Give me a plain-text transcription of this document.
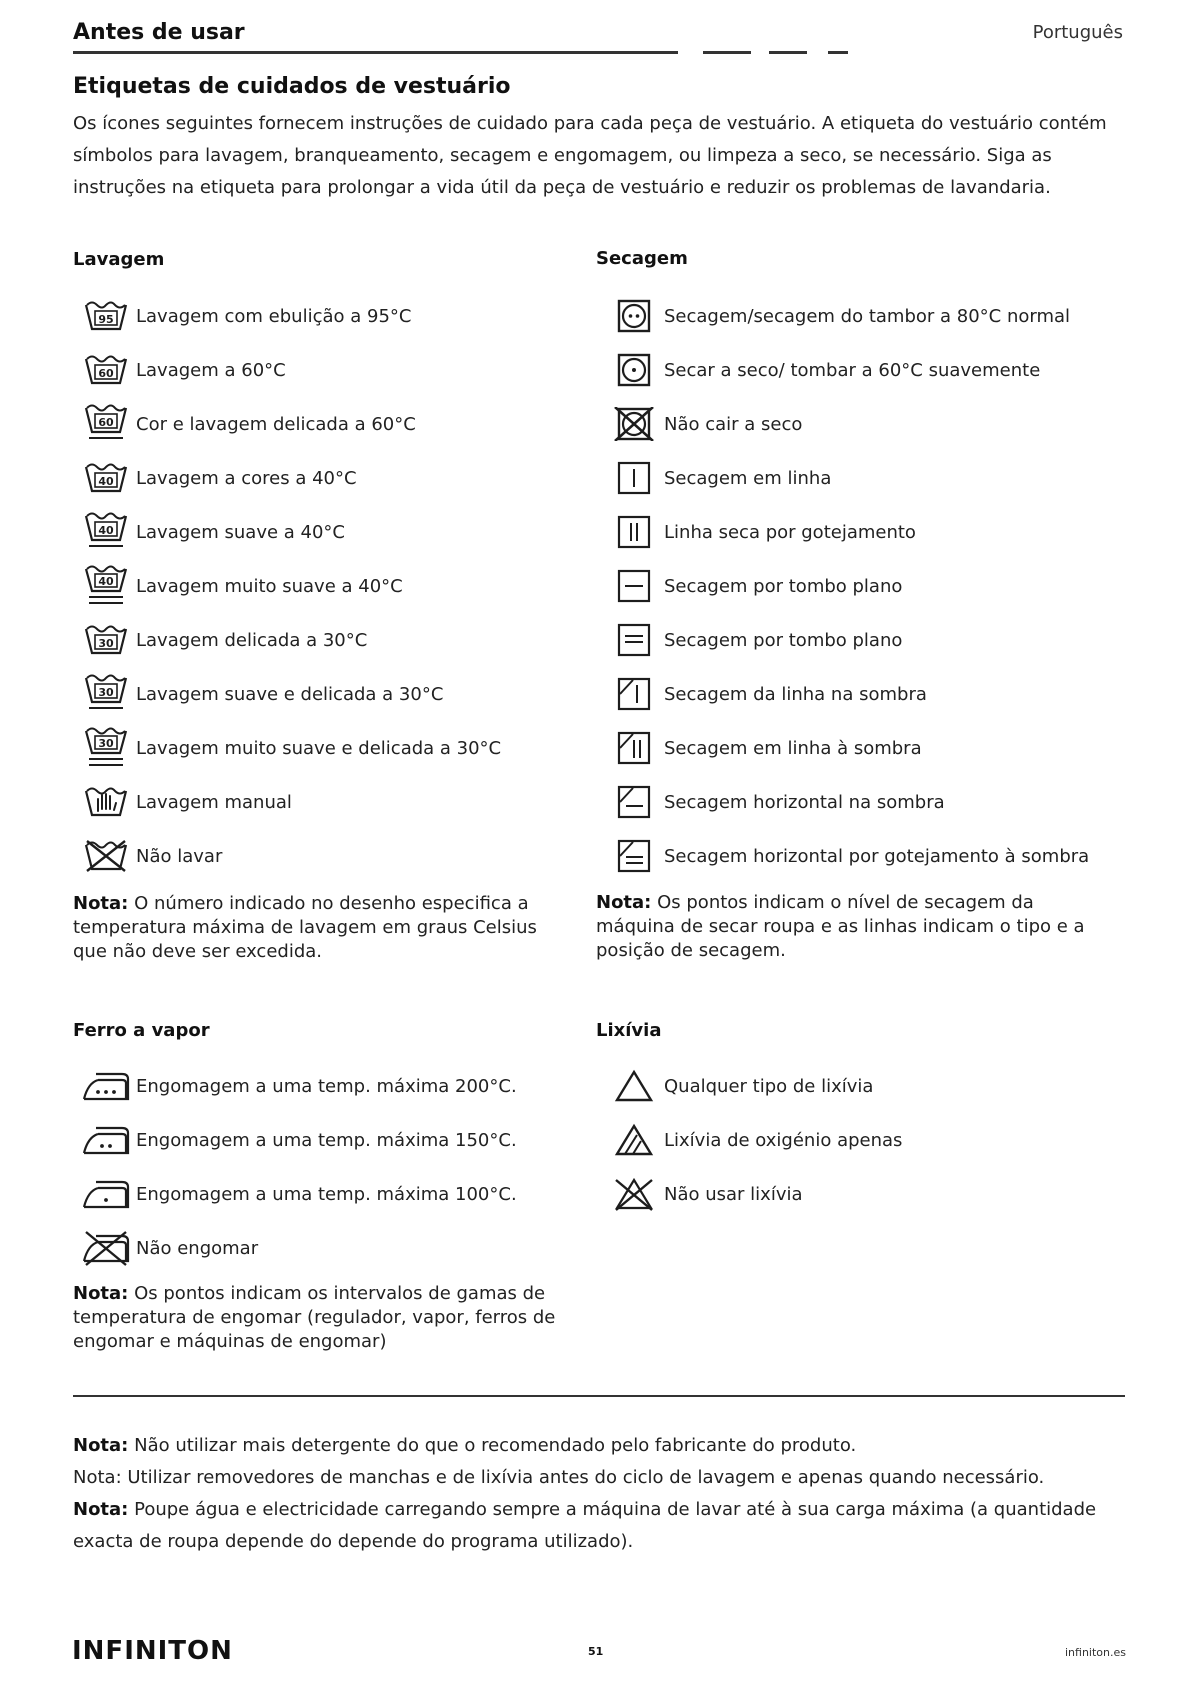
Antes de usar	Português
Etiquetas de cuidados de vestuário
Os ícones seguintes fornecem instruções de cuidado para cada peça de vestuário. A etiqueta do vestuário contém símbolos para lavagem, branqueamento, secagem e engomagem, ou limpeza a seco, se necessário. Siga as instruções na etiqueta para prolongar a vida útil da peça de vestuário e reduzir os problemas de lavandaria.
Lavagem
95 Lavagem com ebulição a 95°C
60 Lavagem a 60°C
60 Cor e lavagem delicada a 60°C
40 Lavagem a cores a 40°C
40 Lavagem suave a 40°C
40 Lavagem muito suave a 40°C
30 Lavagem delicada a 30°C
30 Lavagem suave e delicada a 30°C
30 Lavagem muito suave e delicada a 30°C
Lavagem manual
Não lavar
Nota: O número indicado no desenho especifica a temperatura máxima de lavagem em graus Celsius que não deve ser excedida.
Secagem
Secagem/secagem do tambor a 80°C normal
Secar a seco/ tombar a 60°C suavemente
Não cair a seco
Secagem em linha
Linha seca por gotejamento
Secagem por tombo plano
Secagem por tombo plano
Secagem da linha na sombra
Secagem em linha à sombra
Secagem horizontal na sombra
Secagem horizontal por gotejamento à sombra
Nota: Os pontos indicam o nível de secagem da máquina de secar roupa e as linhas indicam o tipo e a posição de secagem.
Ferro a vapor
Engomagem a uma temp. máxima 200°C.
Engomagem a uma temp. máxima 150°C.
Engomagem a uma temp. máxima 100°C.
Não engomar
Nota: Os pontos indicam os intervalos de gamas de temperatura de engomar (regulador, vapor, ferros de engomar e máquinas de engomar)
Lixívia
Qualquer tipo de lixívia
Lixívia de oxigénio apenas
Não usar lixívia
Nota: Não utilizar mais detergente do que o recomendado pelo fabricante do produto.
Nota: Utilizar removedores de manchas e de lixívia antes do ciclo de lavagem e apenas quando necessário.
Nota: Poupe água e electricidade carregando sempre a máquina de lavar até à sua carga máxima (a quantidade exacta de roupa depende do depende do programa utilizado).
INFINITON	51	infiniton.es
